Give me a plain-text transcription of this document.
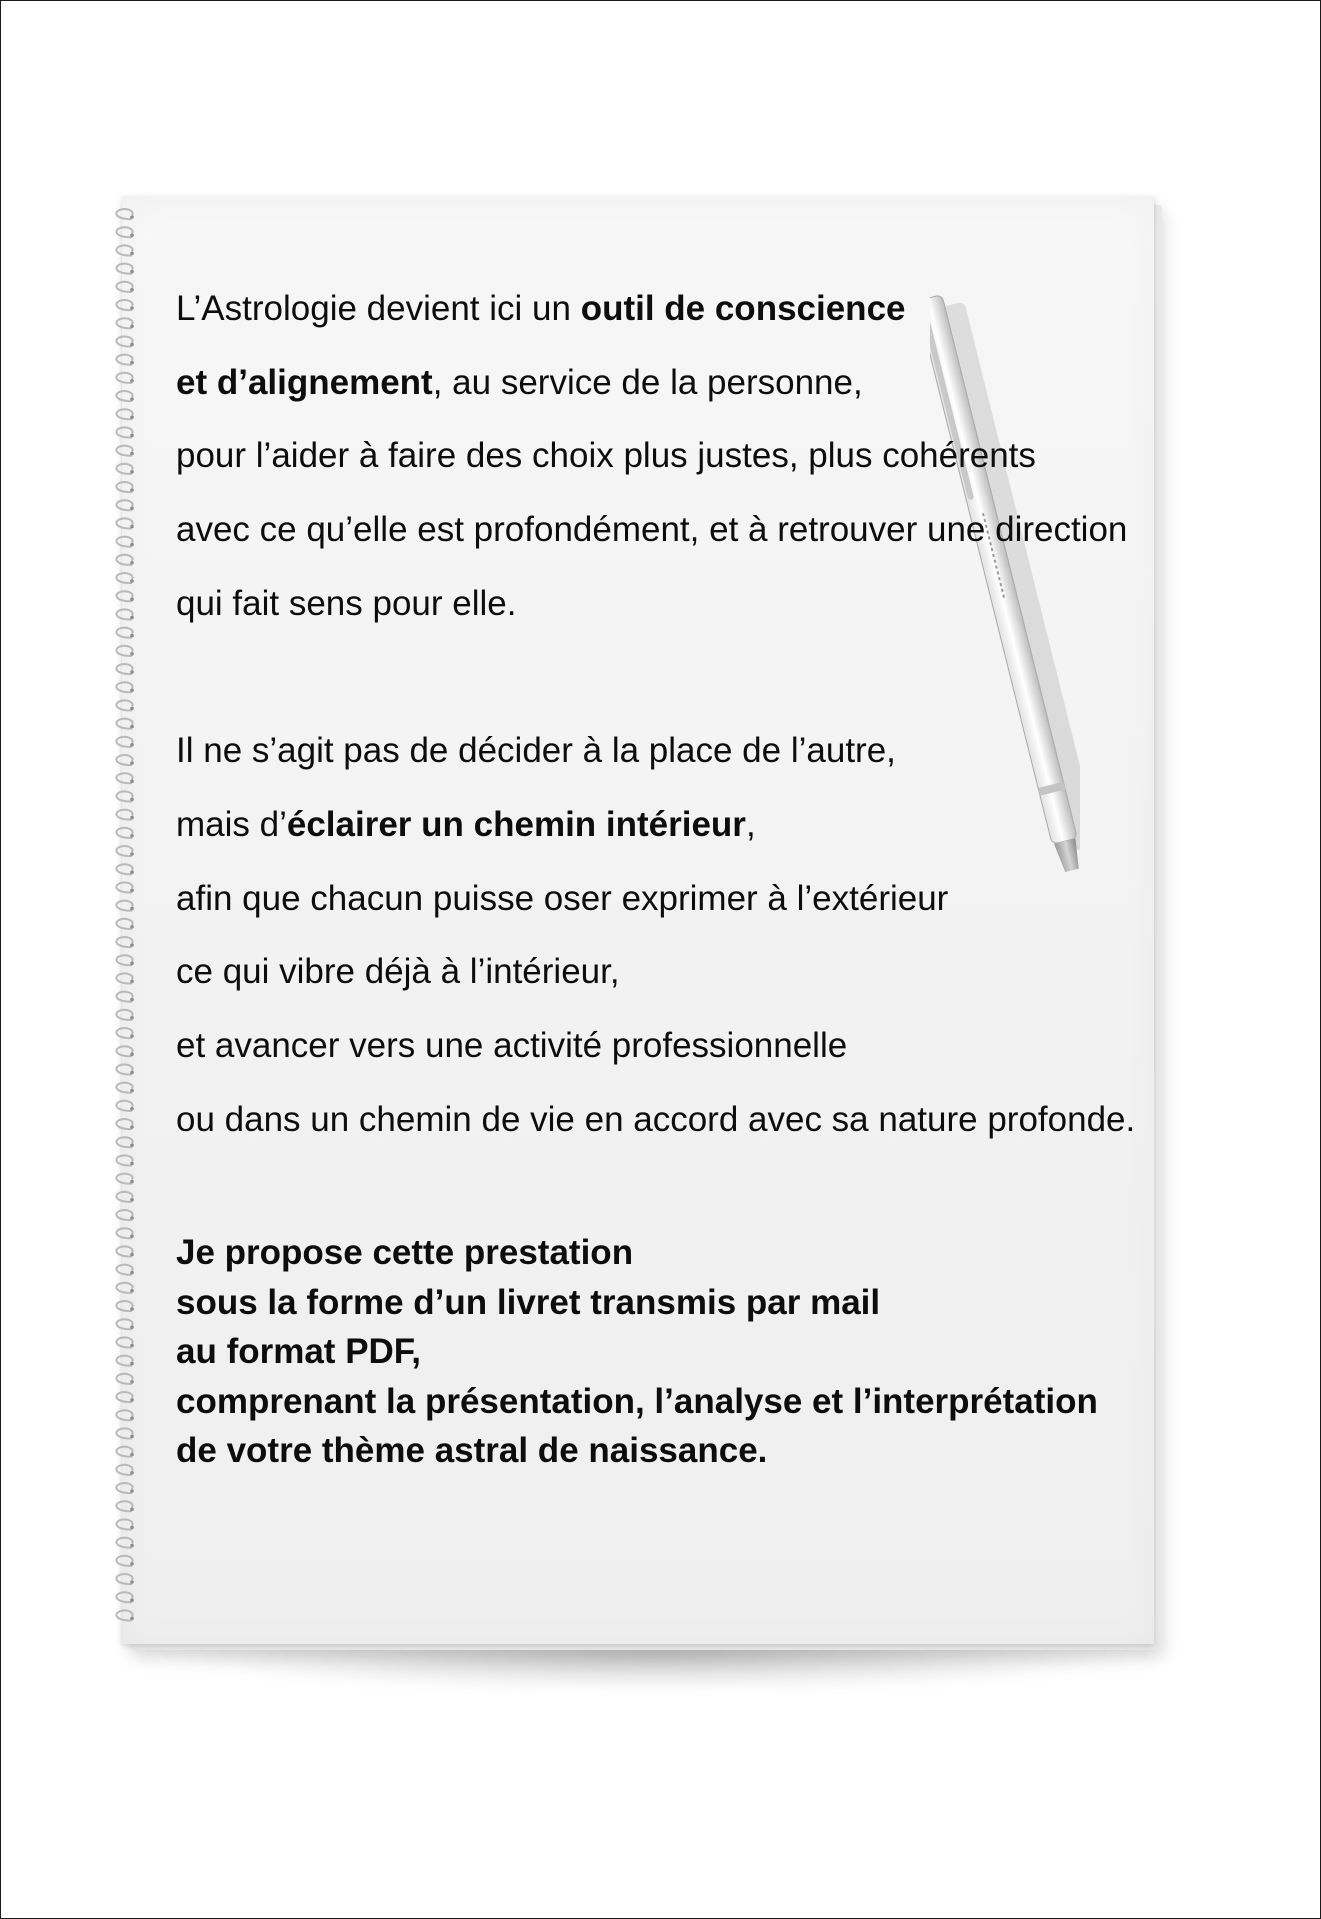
L’Astrologie devient ici un outil de conscience
et d’alignement, au service de la personne,
pour l’aider à faire des choix plus justes, plus cohérents
avec ce qu’elle est profondément, et à retrouver une direction
qui fait sens pour elle.
Il ne s’agit pas de décider à la place de l’autre,
mais d’éclairer un chemin intérieur,
afin que chacun puisse oser exprimer à l’extérieur
ce qui vibre déjà à l’intérieur,
et avancer vers une activité professionnelle
ou dans un chemin de vie en accord avec sa nature profonde.
Je propose cette prestation
sous la forme d’un livret transmis par mail
au format PDF,
comprenant la présentation, l’analyse et l’interprétation
de votre thème astral de naissance.
